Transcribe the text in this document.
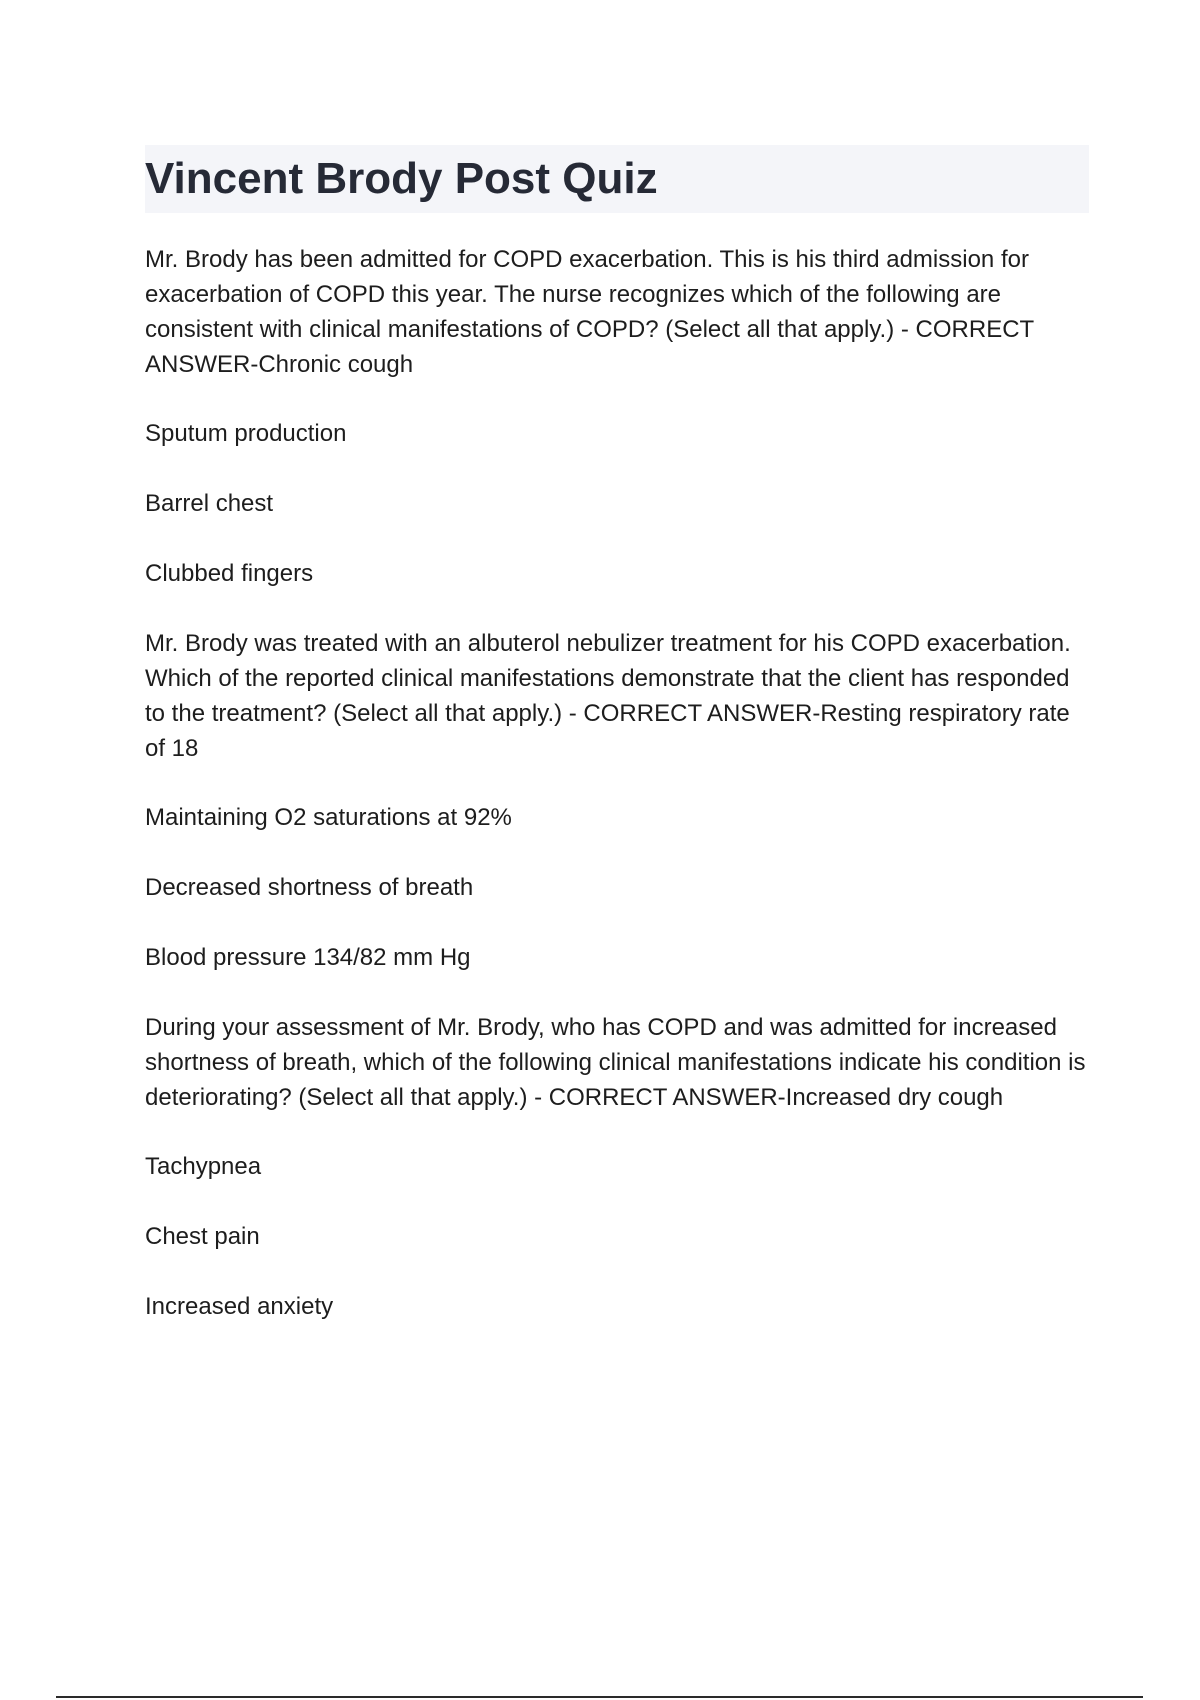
Vincent Brody Post Quiz

Mr. Brody has been admitted for COPD exacerbation. This is his third admission for exacerbation of COPD this year. The nurse recognizes which of the following are consistent with clinical manifestations of COPD? (Select all that apply.) - CORRECT ANSWER-Chronic cough

Sputum production

Barrel chest

Clubbed fingers

Mr. Brody was treated with an albuterol nebulizer treatment for his COPD exacerbation. Which of the reported clinical manifestations demonstrate that the client has responded to the treatment? (Select all that apply.) - CORRECT ANSWER-Resting respiratory rate of 18

Maintaining O2 saturations at 92%

Decreased shortness of breath

Blood pressure 134/82 mm Hg

During your assessment of Mr. Brody, who has COPD and was admitted for increased shortness of breath, which of the following clinical manifestations indicate his condition is deteriorating? (Select all that apply.) - CORRECT ANSWER-Increased dry cough

Tachypnea

Chest pain

Increased anxiety
